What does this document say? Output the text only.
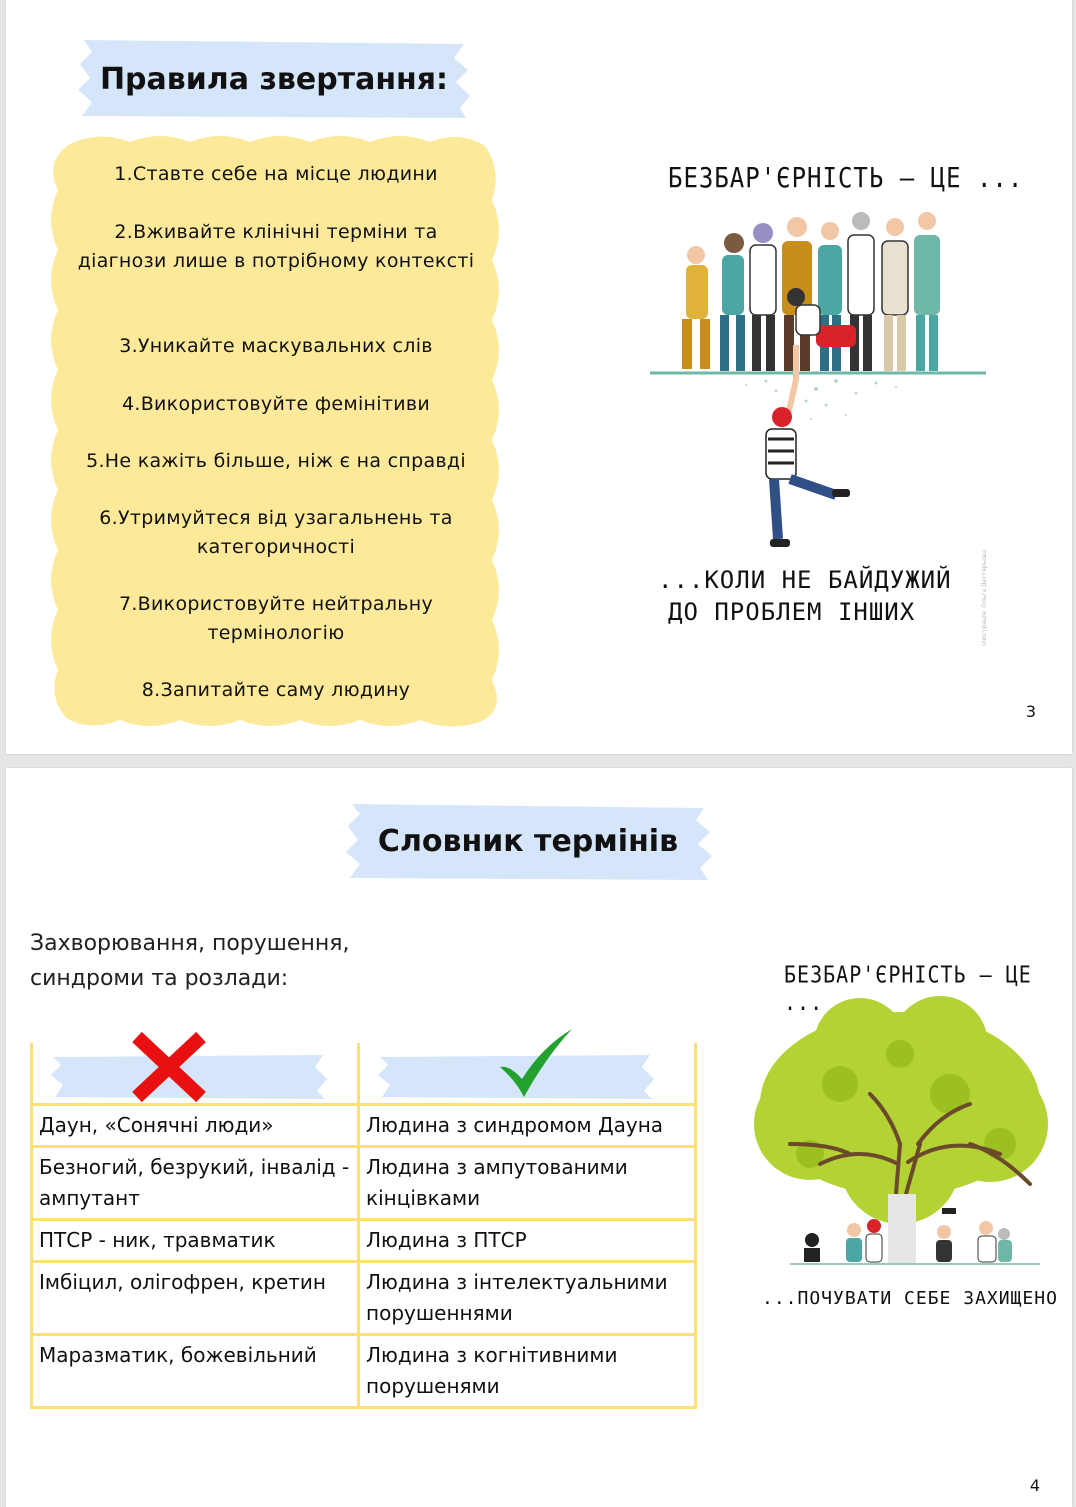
Правила звертання:
1.Ставте себе на місце людини
2.Вживайте клінічні терміни та діагнози лише в потрібному контексті
3.Уникайте маскувальних слів
4.Використовуйте фемінітиви
5.Не кажіть більше, ніж є на справді
6.Утримуйтеся від узагальнень та категоричності
7.Використовуйте нейтральну термінологію
8.Запитайте саму людину
БЕЗБАР'ЄРНІСТЬ — ЦЕ ...
...КОЛИ НЕ БАЙДУЖИЙ
ДО ПРОБЛЕМ ІНШИХ	Ілюстрація: Ольга Дегтярьова
3
Словник термінів
Захворювання, порушення, синдроми та розлади:

Даун, «Сонячні люди»	Людина з синдромом Дауна
Безногий, безрукий, інвалід - ампутант	Людина з ампутованими кінцівками
ПТСР - ник, травматик	Людина з ПТСР
Імбіцил, олігофрен, кретин	Людина з інтелектуальними порушеннями
Маразматик, божевільний	Людина з когнітивними порушенями
БЕЗБАР'ЄРНІСТЬ — ЦЕ ...
...ПОЧУВАТИ СЕБЕ ЗАХИЩЕНО
4
